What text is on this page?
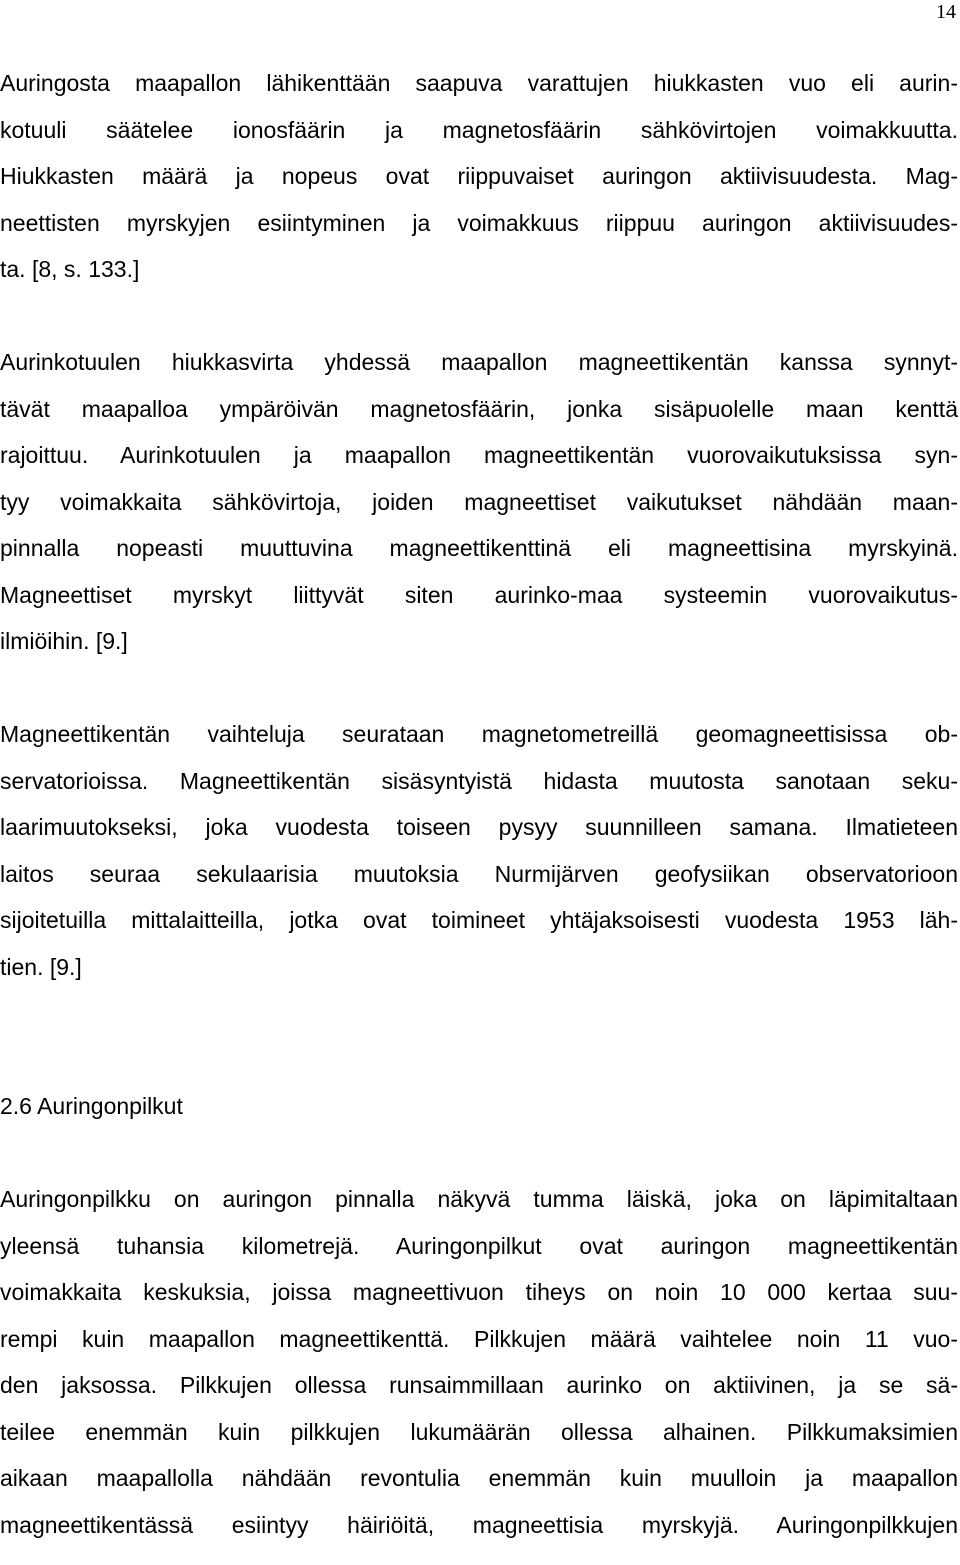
14

Auringosta maapallon lähikenttään saapuva varattujen hiukkasten vuo eli aurin-
kotuuli säätelee ionosfäärin ja magnetosfäärin sähkövirtojen voimakkuutta.
Hiukkasten määrä ja nopeus ovat riippuvaiset auringon aktiivisuudesta. Mag-
neettisten myrskyjen esiintyminen ja voimakkuus riippuu auringon aktiivisuudes-
ta. [8, s. 133.]

Aurinkotuulen hiukkasvirta yhdessä maapallon magneettikentän kanssa synnyt-
tävät maapalloa ympäröivän magnetosfäärin, jonka sisäpuolelle maan kenttä
rajoittuu. Aurinkotuulen ja maapallon magneettikentän vuorovaikutuksissa syn-
tyy voimakkaita sähkövirtoja, joiden magneettiset vaikutukset nähdään maan-
pinnalla nopeasti muuttuvina magneettikenttinä eli magneettisina myrskyinä.
Magneettiset myrskyt liittyvät siten aurinko-maa systeemin vuorovaikutus-
ilmiöihin. [9.]

Magneettikentän vaihteluja seurataan magnetometreillä geomagneettisissa ob-
servatorioissa. Magneettikentän sisäsyntyistä hidasta muutosta sanotaan seku-
laarimuutokseksi, joka vuodesta toiseen pysyy suunnilleen samana. Ilmatieteen
laitos seuraa sekulaarisia muutoksia Nurmijärven geofysiikan observatorioon
sijoitetuilla mittalaitteilla, jotka ovat toimineet yhtäjaksoisesti vuodesta 1953 läh-
tien. [9.]

2.6 Auringonpilkut

Auringonpilkku on auringon pinnalla näkyvä tumma läiskä, joka on läpimitaltaan
yleensä tuhansia kilometrejä. Auringonpilkut ovat auringon magneettikentän
voimakkaita keskuksia, joissa magneettivuon tiheys on noin 10 000 kertaa suu-
rempi kuin maapallon magneettikenttä. Pilkkujen määrä vaihtelee noin 11 vuo-
den jaksossa. Pilkkujen ollessa runsaimmillaan aurinko on aktiivinen, ja se sä-
teilee enemmän kuin pilkkujen lukumäärän ollessa alhainen. Pilkkumaksimien
aikaan maapallolla nähdään revontulia enemmän kuin muulloin ja maapallon
magneettikentässä esiintyy häiriöitä, magneettisia myrskyjä. Auringonpilkkujen
